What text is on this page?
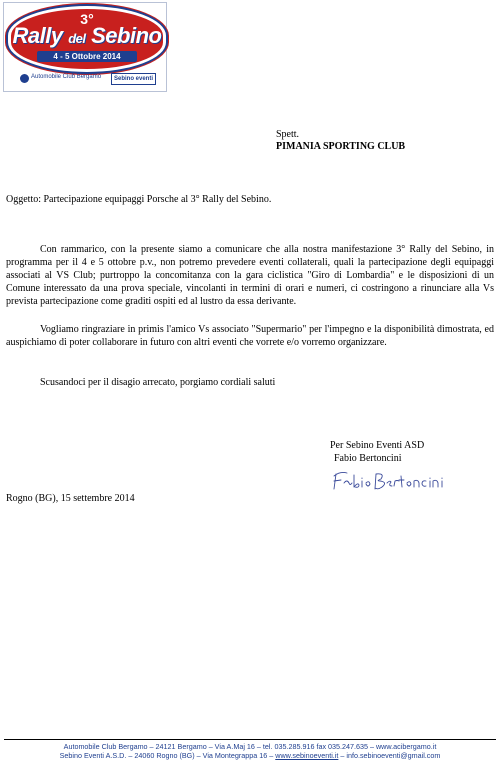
3°
Rally del Sebino
4 - 5 Ottobre 2014
Automobile Club Bergamo	Sebino eventi
Spett.
PIMANIA SPORTING CLUB
Oggetto: Partecipazione equipaggi Porsche al 3° Rally del Sebino.
Con rammarico, con la presente siamo a comunicare che alla nostra manifestazione 3° Rally del Sebino, in programma per il 4 e 5 ottobre p.v., non potremo prevedere eventi collaterali, quali la partecipazione degli equipaggi associati al VS Club; purtroppo la concomitanza con la gara ciclistica "Giro di Lombardia" e le disposizioni di un Comune interessato da una prova speciale, vincolanti in termini di orari e numeri, ci costringono a rinunciare alla Vs prevista partecipazione come graditi ospiti ed al lustro da essa derivante.
Vogliamo ringraziare in primis l'amico Vs associato "Supermario" per l'impegno e la disponibilità dimostrata, ed auspichiamo di poter collaborare in futuro con altri eventi che vorrete e/o vorremo organizzare.
Scusandoci per il disagio arrecato, porgiamo cordiali saluti
Per Sebino Eventi ASD
Fabio Bertoncini
Rogno (BG), 15 settembre 2014
Automobile Club Bergamo – 24121 Bergamo – Via A.Maj 16 – tel. 035.285.916 fax 035.247.635 – www.acibergamo.it
Sebino Eventi A.S.D. – 24060 Rogno (BG) – Via Montegrappa 16 – www.sebinoeventi.it – info.sebinoeventi@gmail.com
